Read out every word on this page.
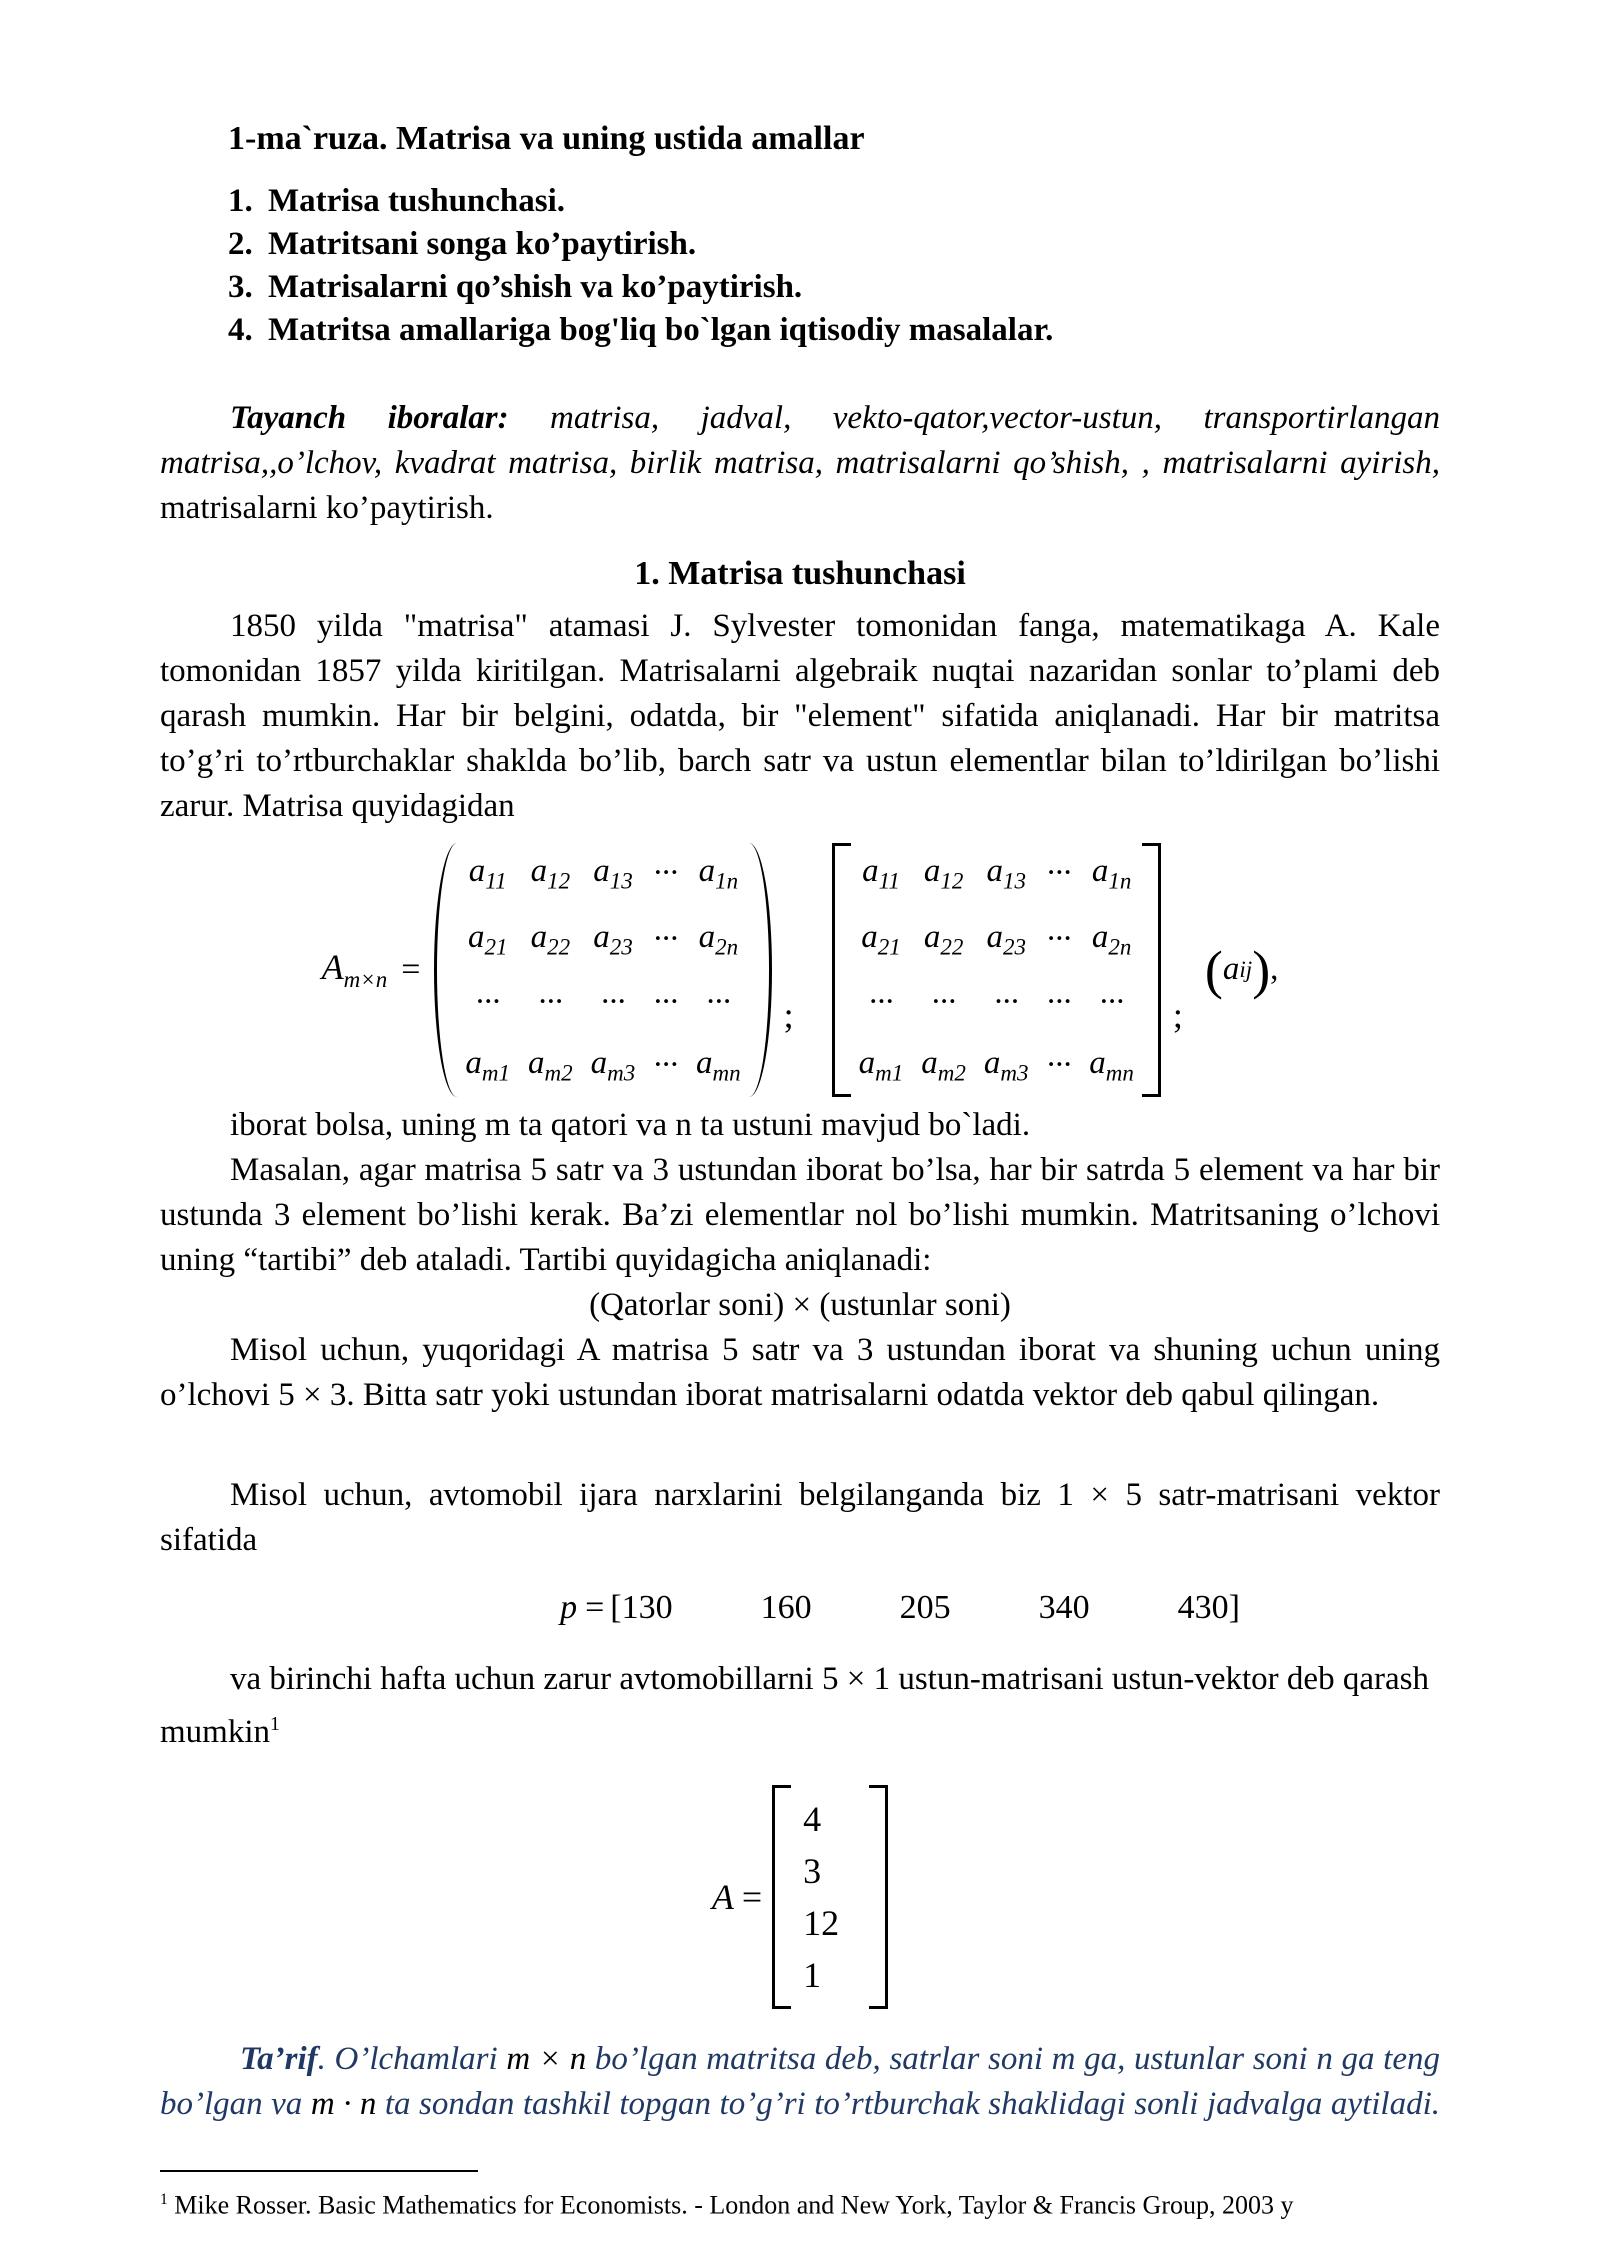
1-ma`ruza. Matrisa va uning ustida amallar
1. Matrisa tushunchasi.
2. Matritsani songa ko’paytirish.
3. Matrisalarni qo’shish va ko’paytirish.
4. Matritsa amallariga bog'liq bo`lgan iqtisodiy masalalar.
Tayanch iboralar: matrisa, jadval, vekto-qator,vector-ustun, transportirlangan matrisa,,o’lchov, kvadrat matrisa, birlik matrisa, matrisalarni qo’shish, , matrisalarni ayirish, matrisalarni ko’paytirish.
1. Matrisa tushunchasi
1850 yilda "matrisa" atamasi J. Sylvester tomonidan fanga, matematikaga A. Kale tomonidan 1857 yilda kiritilgan. Matrisalarni algebraik nuqtai nazaridan sonlar to’plami deb qarash mumkin. Har bir belgini, odatda, bir "element" sifatida aniqlanadi. Har bir matritsa to’g’ri to’rtburchaklar shaklda bo’lib, barch satr va ustun elementlar bilan to’ldirilgan bo’lishi zarur. Matrisa quyidagidan
$A_{m\times n}$ =
$a_{11}$ $a_{12}$ $a_{13}$ ··· $a_{1n}$
$a_{21}$ $a_{22}$ $a_{23}$ ··· $a_{2n}$
··· ··· ··· ··· ···
$a_{m1}$ $a_{m2}$ $a_{m3}$ ··· $a_{mn}$
;
$a_{11}$ $a_{12}$ $a_{13}$ ··· $a_{1n}$
$a_{21}$ $a_{22}$ $a_{23}$ ··· $a_{2n}$
··· ··· ··· ··· ···
$a_{m1}$ $a_{m2}$ $a_{m3}$ ··· $a_{mn}$
;
( a ij ) ,
iborat bolsa, uning m ta qatori va n ta ustuni mavjud bo`ladi.
Masalan, agar matrisa 5 satr va 3 ustundan iborat bo’lsa, har bir satrda 5 element va har bir ustunda 3 element bo’lishi kerak. Ba’zi elementlar nol bo’lishi mumkin. Matritsaning o’lchovi uning “tartibi” deb ataladi. Tartibi quyidagicha aniqlanadi:
(Qatorlar soni) × (ustunlar soni)
Misol uchun, yuqoridagi A matrisa 5 satr va 3 ustundan iborat va shuning uchun uning o’lchovi 5 × 3. Bitta satr yoki ustundan iborat matrisalarni odatda vektor deb qabul qilingan.
Misol uchun, avtomobil ijara narxlarini belgilanganda biz 1 × 5 satr-matrisani vektor sifatida
p = [ 130	160	205	340	430 ]
va birinchi hafta uchun zarur avtomobillarni 5 × 1 ustun-matrisani ustun-vektor deb qarash mumkin$^1$
A =
4
3
12
1
Ta’rif. O’lchamlari m × n bo’lgan matritsa deb, satrlar soni m ga, ustunlar soni n ga teng bo’lgan va m · n ta sondan tashkil topgan to’g’ri to’rtburchak shaklidagi sonli jadvalga aytiladi.
$^1$ Mike Rosser. Basic Mathematics for Economists. - London and New York, Taylor & Francis Group, 2003 y
